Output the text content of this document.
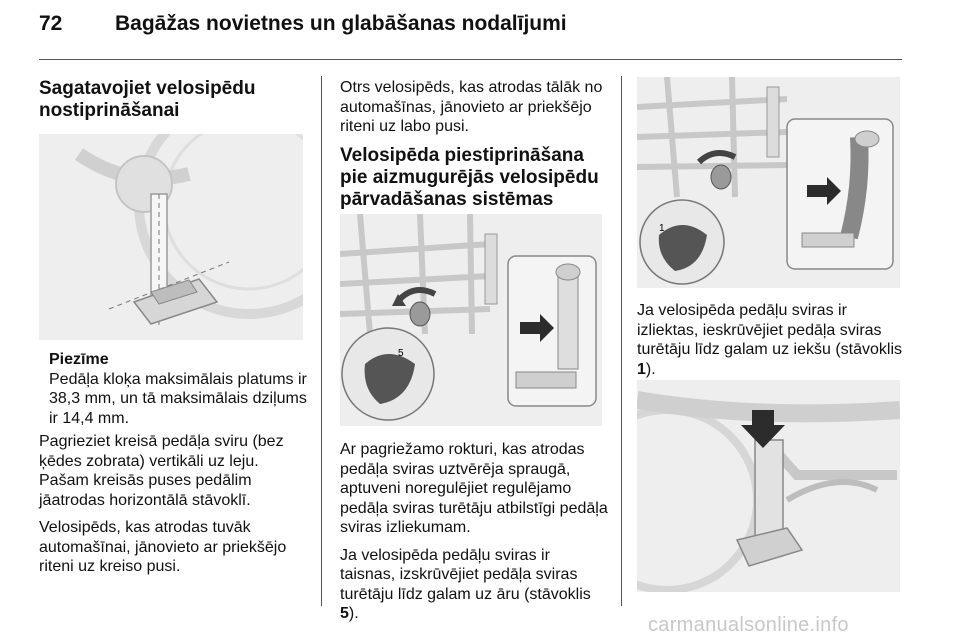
72	Bagāžas novietnes un glabāšanas nodalījumi
Sagatavojiet velosipēdu nostiprināšanai
Piezīme
Pedāļa kloķa maksimālais platums ir 38,3 mm, un tā maksimālais dziļums ir 14,4 mm.

Pagrieziet kreisā pedāļa sviru (bez ķēdes zobrata) vertikāli uz leju. Pašam kreisās puses pedālim jāatrodas horizontālā stāvoklī.

Velosipēds, kas atrodas tuvāk automašīnai, jānovieto ar priekšējo riteni uz kreiso pusi.

Otrs velosipēds, kas atrodas tālāk no automašīnas, jānovieto ar priekšējo riteni uz labo pusi.

Velosipēda piestiprināšana pie aizmugurējās velosipēdu pārvadāšanas sistēmas
5

Ar pagriežamo rokturi, kas atrodas pedāļa sviras uztvērēja spraugā, aptuveni noregulējiet regulējamo pedāļa sviras turētāju atbilstīgi pedāļa sviras izliekumam.

Ja velosipēda pedāļu sviras ir taisnas, izskrūvējiet pedāļa sviras turētāju līdz galam uz āru (stāvoklis 5).

1

Ja velosipēda pedāļu sviras ir izliektas, ieskrūvējiet pedāļa sviras turētāju līdz galam uz iekšu (stāvoklis 1).

carmanualsonline.info
